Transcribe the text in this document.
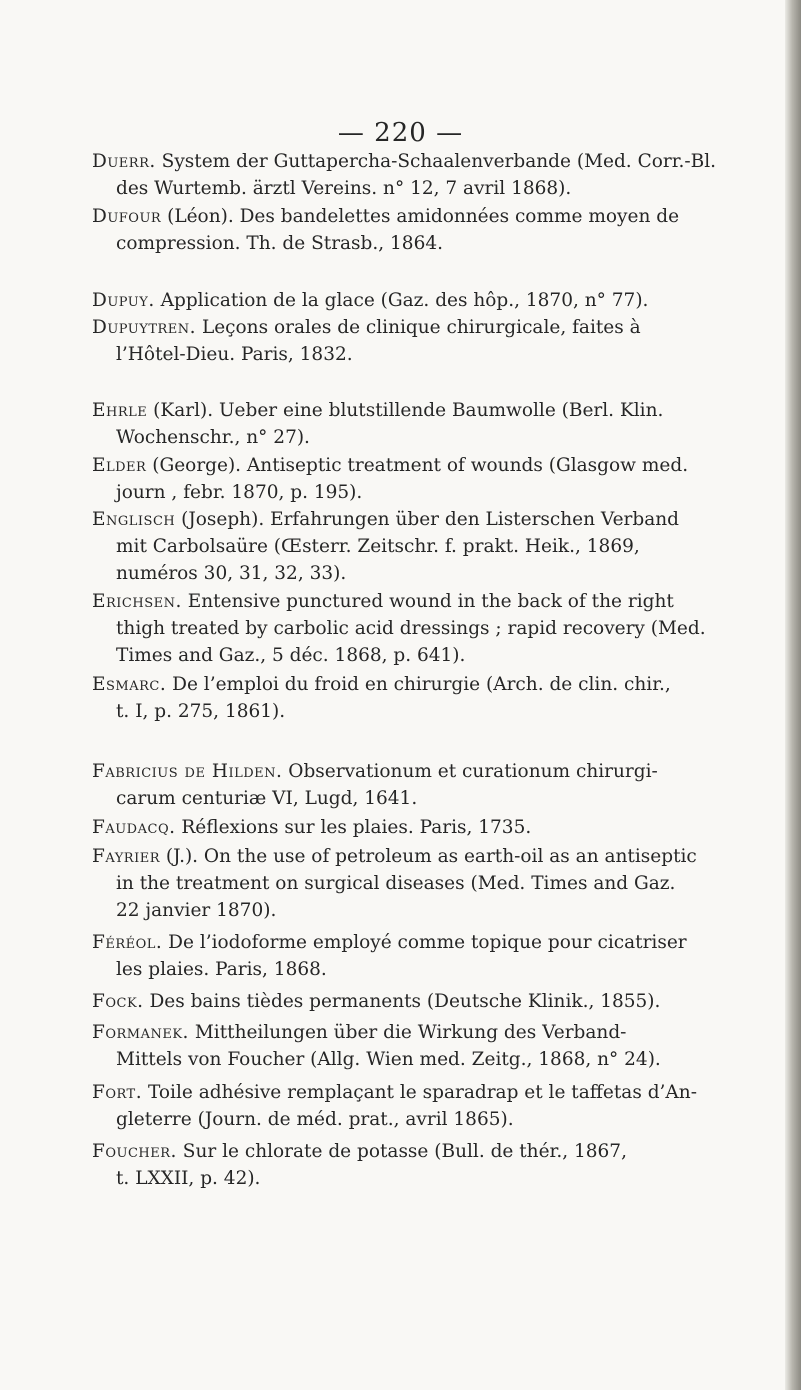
— 220 —
Duerr. System der Guttapercha-Schaalenverbande (Med. Corr.-Bl.
des Wurtemb. ärztl Vereins. n° 12, 7 avril 1868).
Dufour (Léon). Des bandelettes amidonnées comme moyen de
compression. Th. de Strasb., 1864.
Dupuy. Application de la glace (Gaz. des hôp., 1870, n° 77).
Dupuytren. Leçons orales de clinique chirurgicale, faites à
l’Hôtel-Dieu. Paris, 1832.
Ehrle (Karl). Ueber eine blutstillende Baumwolle (Berl. Klin.
Wochenschr., n° 27).
Elder (George). Antiseptic treatment of wounds (Glasgow med.
journ , febr. 1870, p. 195).
Englisch (Joseph). Erfahrungen über den Listerschen Verband
mit Carbolsaüre (Œsterr. Zeitschr. f. prakt. Heik., 1869,
numéros 30, 31, 32, 33).
Erichsen. Entensive punctured wound in the back of the right
thigh treated by carbolic acid dressings ; rapid recovery (Med.
Times and Gaz., 5 déc. 1868, p. 641).
Esmarc. De l’emploi du froid en chirurgie (Arch. de clin. chir.,
t. I, p. 275, 1861).
Fabricius de Hilden. Observationum et curationum chirurgi-
carum centuriæ VI, Lugd, 1641.
Faudacq. Réflexions sur les plaies. Paris, 1735.
Fayrier (J.). On the use of petroleum as earth-oil as an antiseptic
in the treatment on surgical diseases (Med. Times and Gaz.
22 janvier 1870).
Féréol. De l’iodoforme employé comme topique pour cicatriser
les plaies. Paris, 1868.
Fock. Des bains tièdes permanents (Deutsche Klinik., 1855).
Formanek. Mittheilungen über die Wirkung des Verband-
Mittels von Foucher (Allg. Wien med. Zeitg., 1868, n° 24).
Fort. Toile adhésive remplaçant le sparadrap et le taffetas d’An-
gleterre (Journ. de méd. prat., avril 1865).
Foucher. Sur le chlorate de potasse (Bull. de thér., 1867,
t. LXXII, p. 42).
